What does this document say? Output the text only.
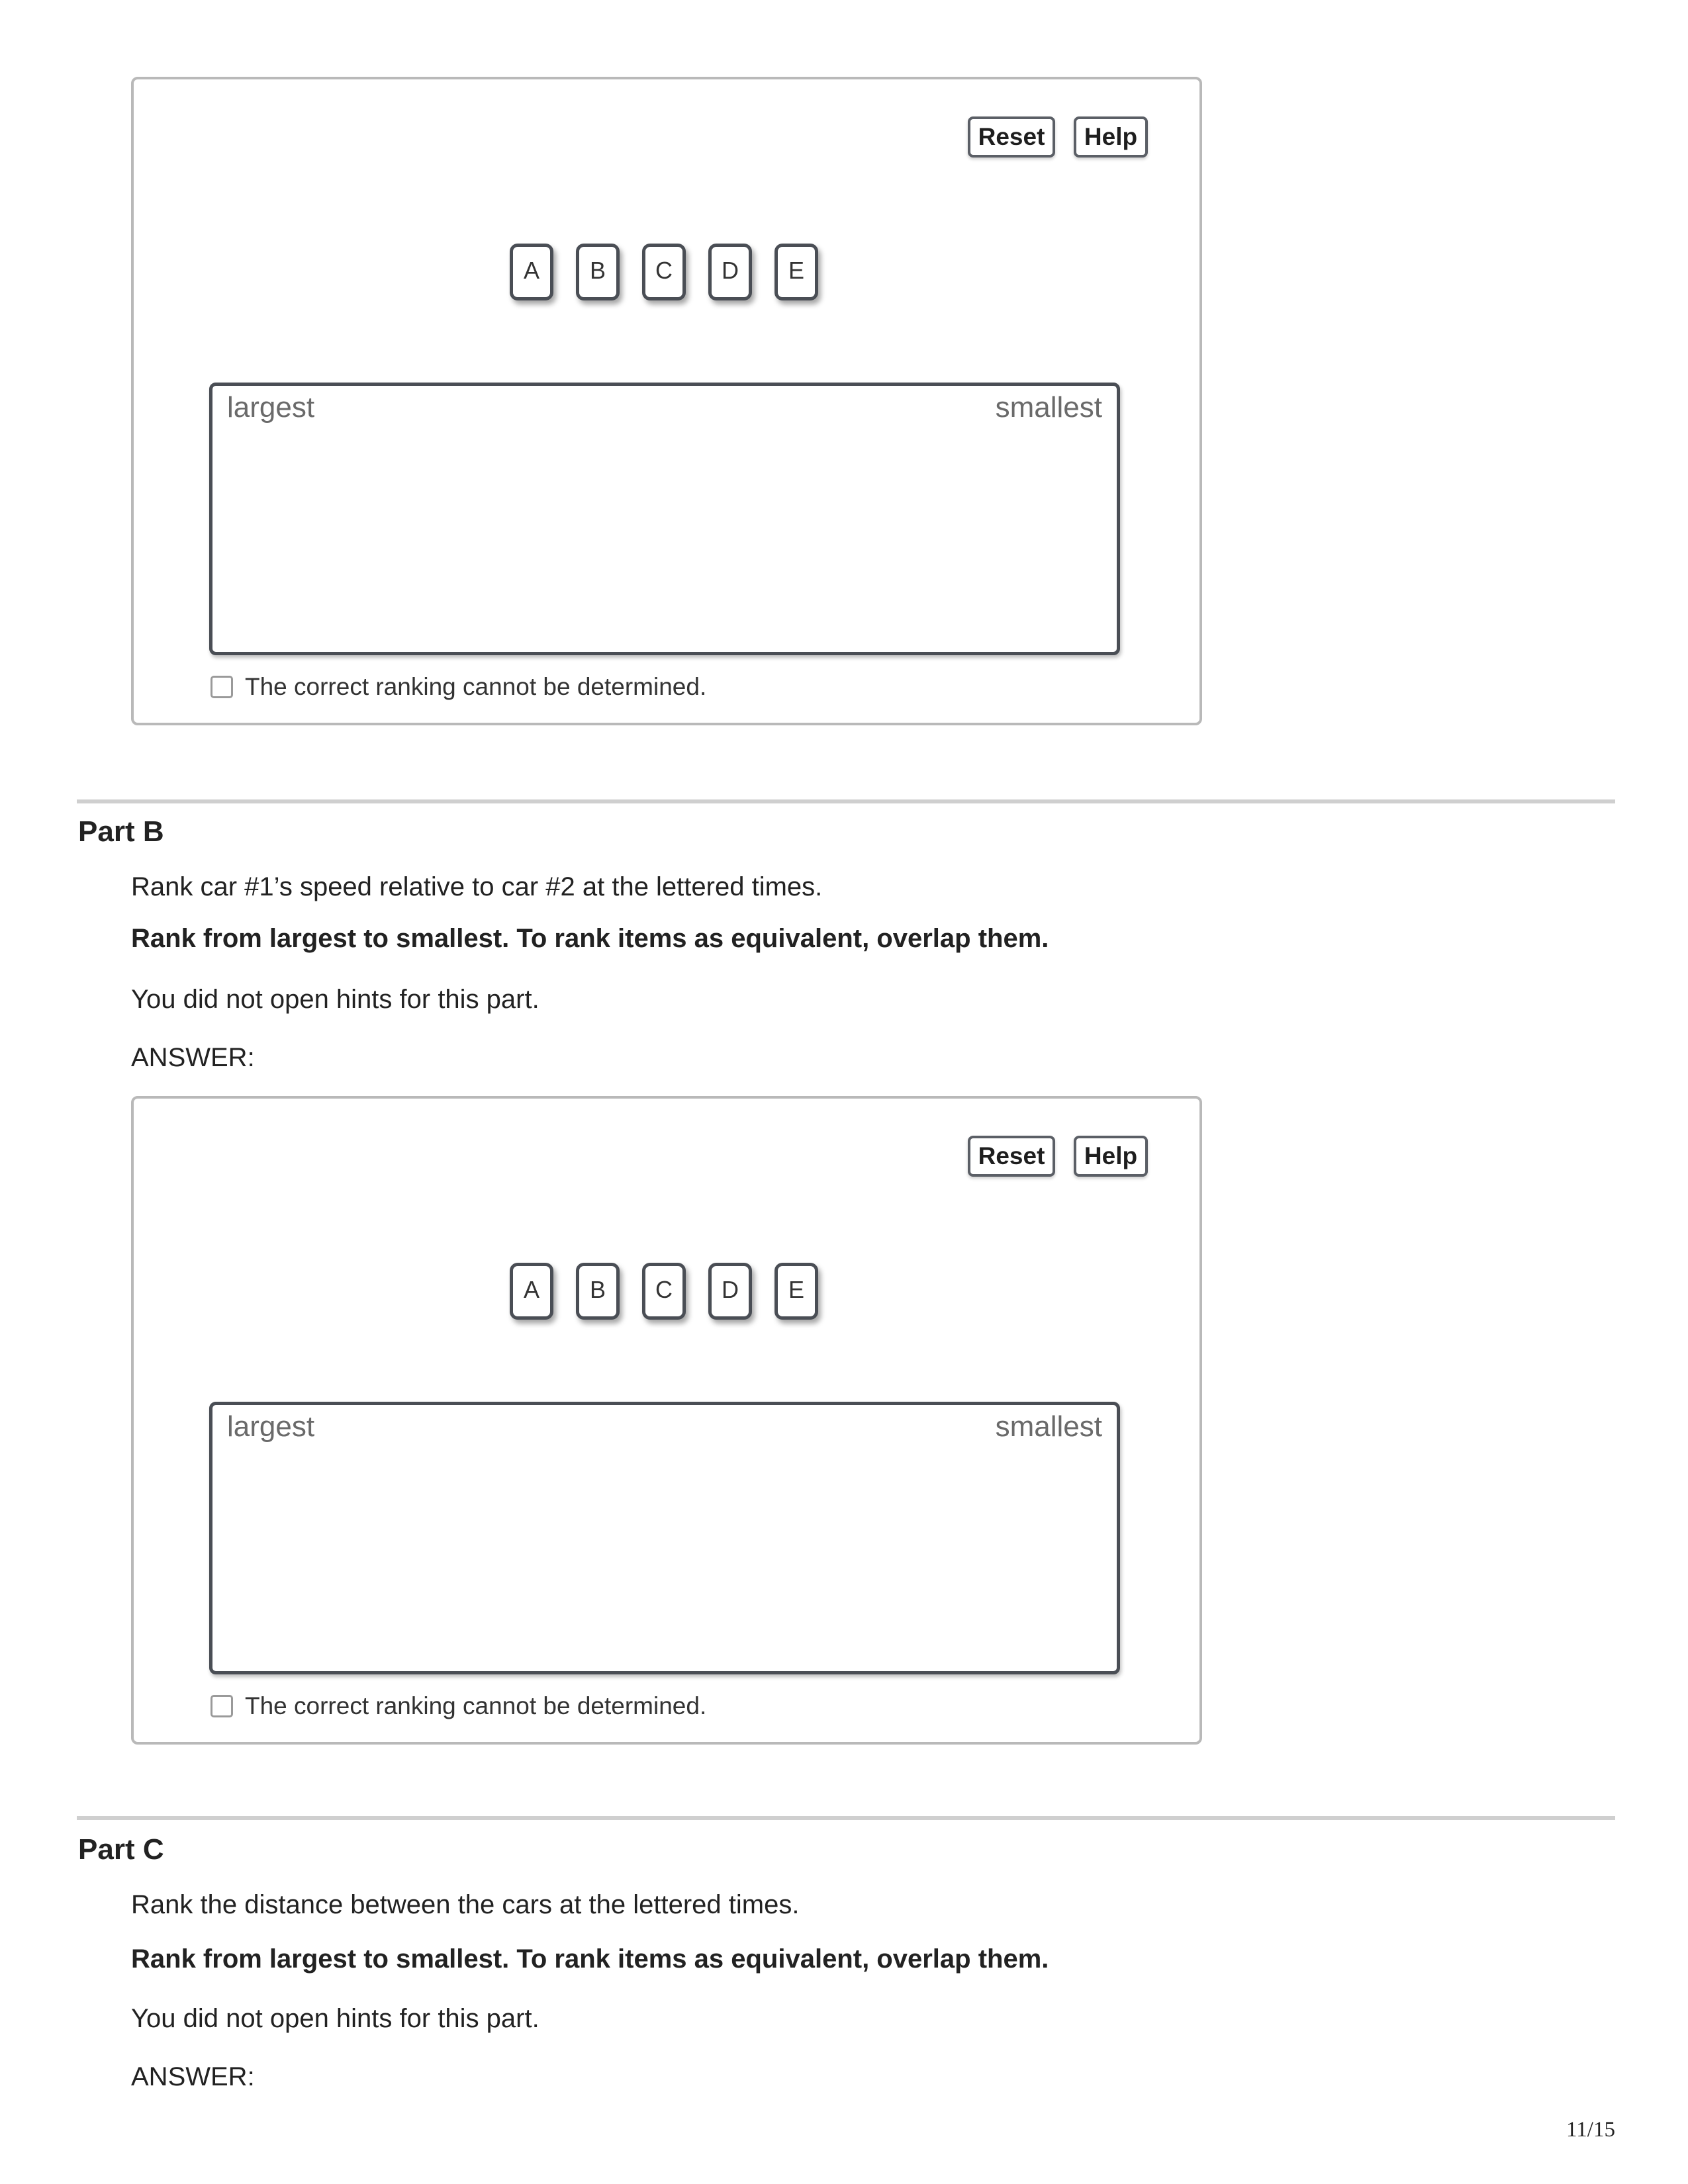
Reset	Help
A	B	C	D	E
largest	smallest
The correct ranking cannot be determined.
Part B
Rank car #1’s speed relative to car #2 at the lettered times.
Rank from largest to smallest. To rank items as equivalent, overlap them.
You did not open hints for this part.
ANSWER:
Reset	Help
A	B	C	D	E
largest	smallest
The correct ranking cannot be determined.
Part C
Rank the distance between the cars at the lettered times.
Rank from largest to smallest. To rank items as equivalent, overlap them.
You did not open hints for this part.
ANSWER:
11/15
